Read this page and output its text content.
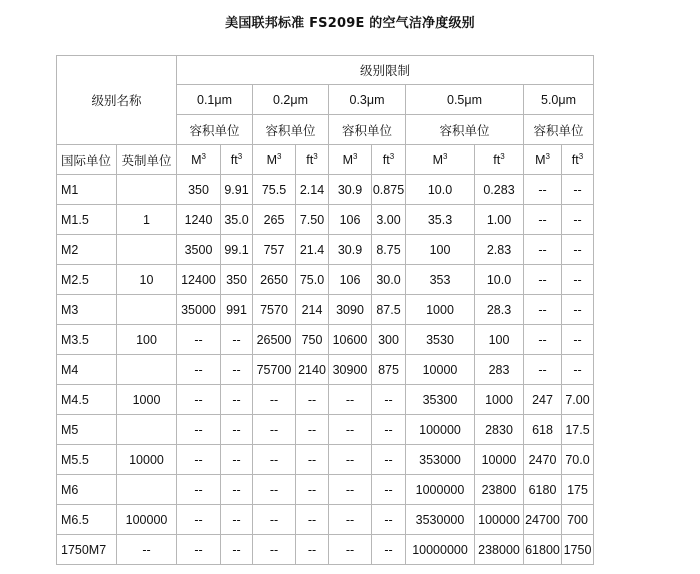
美国联邦标准 FS209E 的空气洁净度级别
级别名称		级别限制									
		0.1μm		0.2μm		0.3μm		0.5μm		5.0μm	
		容积单位		容积单位		容积单位		容积单位		容积单位	
国际单位	英制单位	$M^3$	$ft^3$	$M^3$	$ft^3$	$M^3$	$ft^3$	$M^3$	$ft^3$	$M^3$	$ft^3$
M1		350	9.91	75.5	2.14	30.9	0.875	10.0	0.283	--	--
M1.5	1	1240	35.0	265	7.50	106	3.00	35.3	1.00	--	--
M2		3500	99.1	757	21.4	30.9	8.75	100	2.83	--	--
M2.5	10	12400	350	2650	75.0	106	30.0	353	10.0	--	--
M3		35000	991	7570	214	3090	87.5	1000	28.3	--	--
M3.5	100	--	--	26500	750	10600	300	3530	100	--	--
M4		--	--	75700	2140	30900	875	10000	283	--	--
M4.5	1000	--	--	--	--	--	--	35300	1000	247	7.00
M5		--	--	--	--	--	--	100000	2830	618	17.5
M5.5	10000	--	--	--	--	--	--	353000	10000	2470	70.0
M6		--	--	--	--	--	--	1000000	23800	6180	175
M6.5	100000	--	--	--	--	--	--	3530000	100000	24700	700
1750M7	--	--	--	--	--	--	--	10000000	238000	61800	1750
